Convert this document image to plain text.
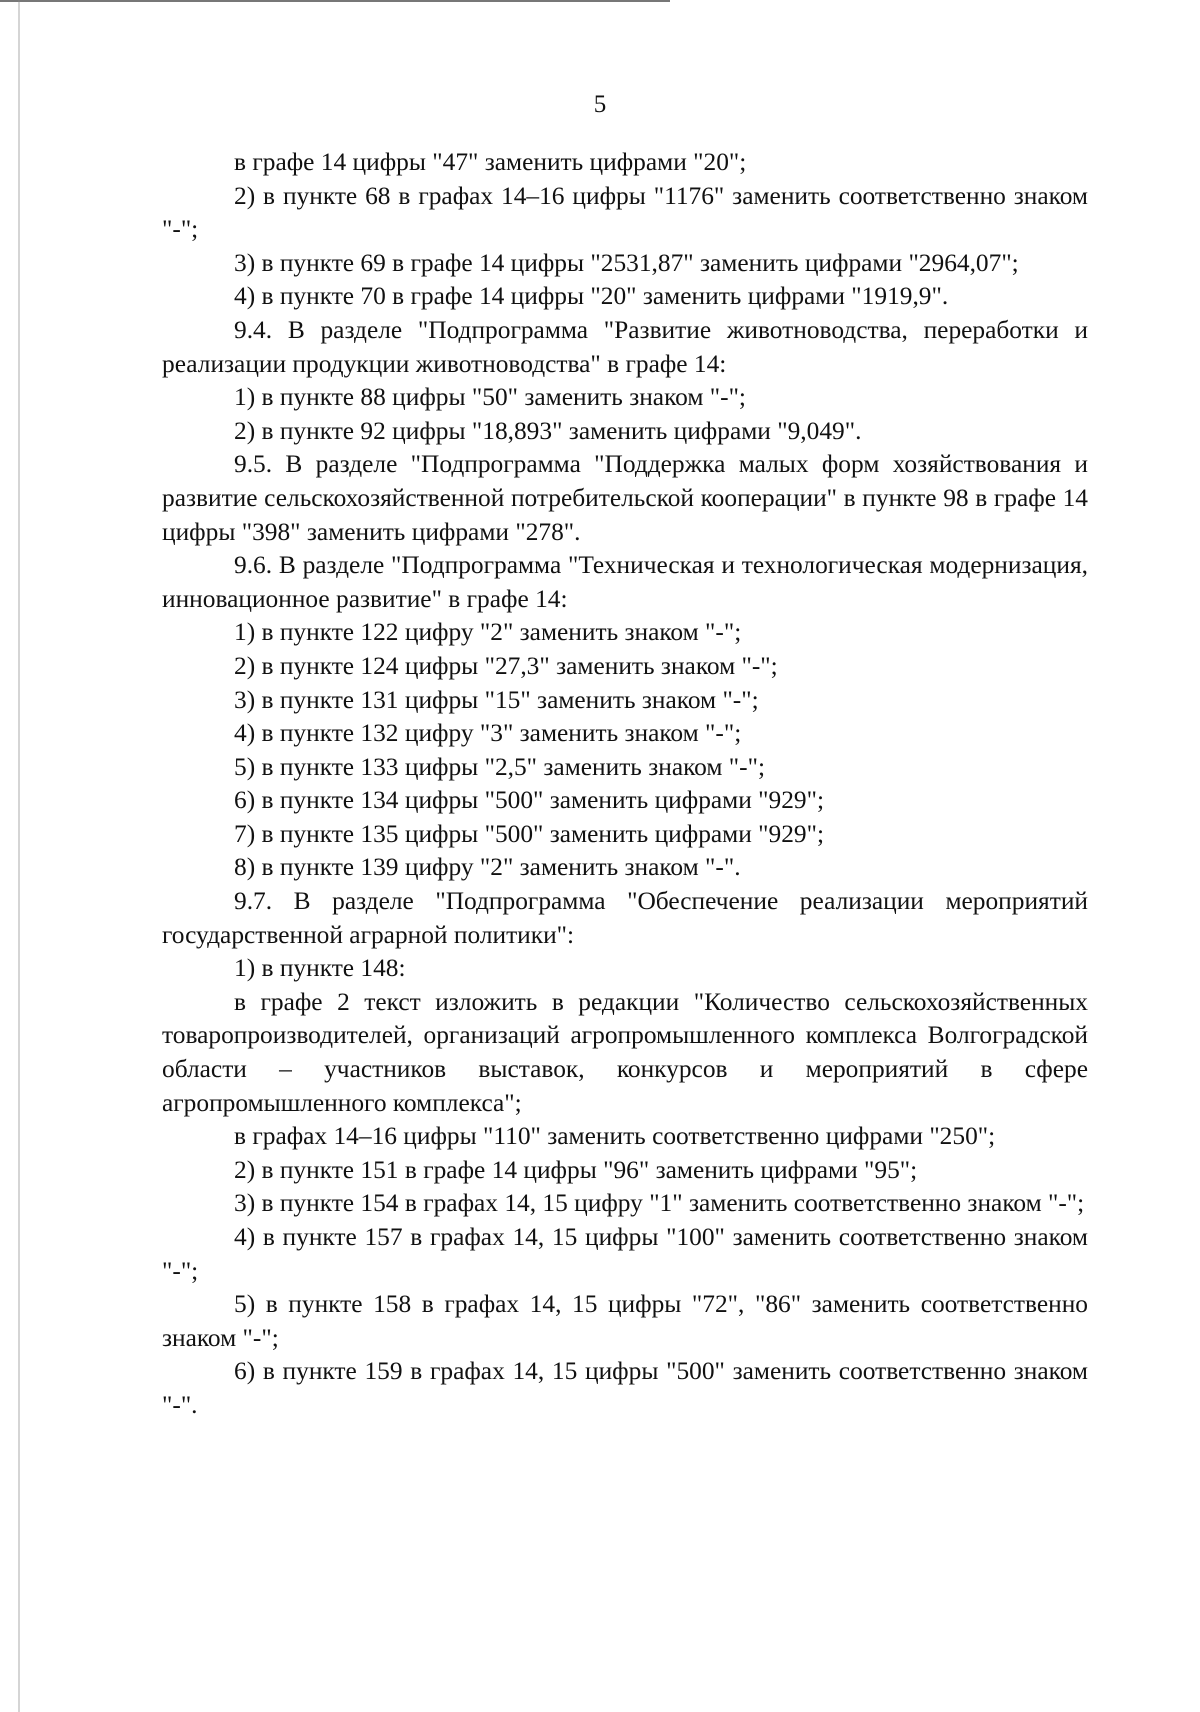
5

в графе 14 цифры "47" заменить цифрами "20";

2) в пункте 68 в графах 14–16 цифры "1176" заменить соответственно знаком "-";

3) в пункте 69 в графе 14 цифры "2531,87" заменить цифрами "2964,07";

4) в пункте 70 в графе 14 цифры "20" заменить цифрами "1919,9".

9.4. В разделе "Подпрограмма "Развитие животноводства, переработки и реализации продукции животноводства" в графе 14:

1) в пункте 88 цифры "50" заменить знаком "-";

2) в пункте 92 цифры "18,893" заменить цифрами "9,049".

9.5. В разделе "Подпрограмма "Поддержка малых форм хозяйствования и развитие сельскохозяйственной потребительской кооперации" в пункте 98 в графе 14 цифры "398" заменить цифрами "278".

9.6. В разделе "Подпрограмма "Техническая и технологическая модернизация, инновационное развитие" в графе 14:

1) в пункте 122 цифру "2" заменить знаком "-";

2) в пункте 124 цифры "27,3" заменить знаком "-";

3) в пункте 131 цифры "15" заменить знаком "-";

4) в пункте 132 цифру "3" заменить знаком "-";

5) в пункте 133 цифры "2,5" заменить знаком "-";

6) в пункте 134 цифры "500" заменить цифрами "929";

7) в пункте 135 цифры "500" заменить цифрами "929";

8) в пункте 139 цифру "2" заменить знаком "-".

9.7. В разделе "Подпрограмма "Обеспечение реализации мероприятий государственной аграрной политики":

1) в пункте 148:

в графе 2 текст изложить в редакции "Количество сельскохозяйственных товаропроизводителей, организаций агропромышленного комплекса Волгоградской области – участников выставок, конкурсов и мероприятий в сфере агропромышленного комплекса";

в графах 14–16 цифры "110" заменить соответственно цифрами "250";

2) в пункте 151 в графе 14 цифры "96" заменить цифрами "95";

3) в пункте 154 в графах 14, 15 цифру "1" заменить соответственно знаком "-";

4) в пункте 157 в графах 14, 15 цифры "100" заменить соответственно знаком "-";

5) в пункте 158 в графах 14, 15 цифры "72", "86" заменить соответственно знаком "-";

6) в пункте 159 в графах 14, 15 цифры "500" заменить соответственно знаком "-".
